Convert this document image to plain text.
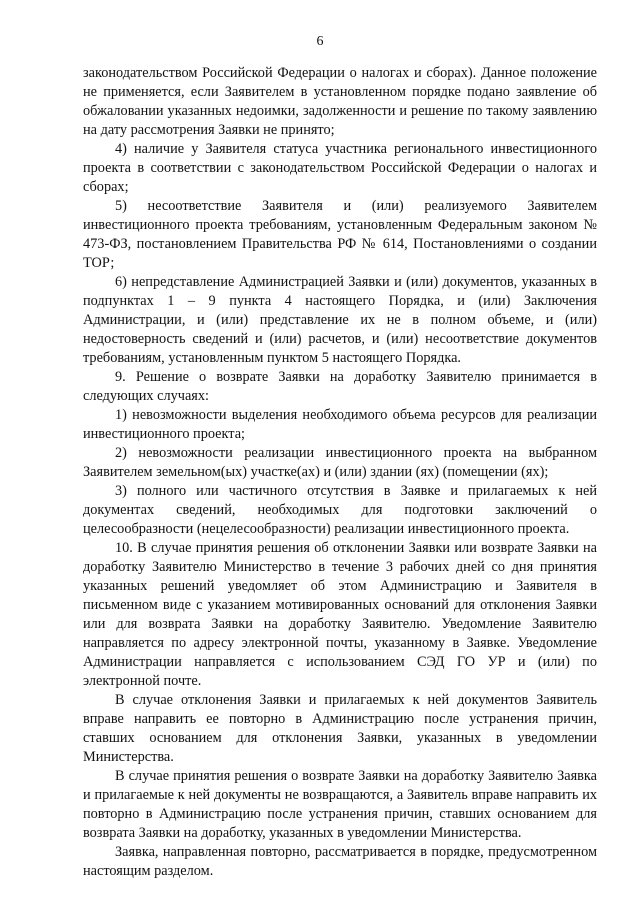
6

законодательством Российской Федерации о налогах и сборах). Данное положение не применяется, если Заявителем в установленном порядке подано заявление об обжаловании указанных недоимки, задолженности и решение по такому заявлению на дату рассмотрения Заявки не принято;

4) наличие у Заявителя статуса участника регионального инвестиционного проекта в соответствии с законодательством Российской Федерации о налогах и сборах;

5) несоответствие Заявителя и (или) реализуемого Заявителем инвестиционного проекта требованиям, установленным Федеральным законом № 473-ФЗ, постановлением Правительства РФ № 614, Постановлениями о создании ТОР;

6) непредставление Администрацией Заявки и (или) документов, указанных в подпунктах 1 – 9 пункта 4 настоящего Порядка, и (или) Заключения Администрации, и (или) представление их не в полном объеме, и (или) недостоверность сведений и (или) расчетов, и (или) несоответствие документов требованиям, установленным пунктом 5 настоящего Порядка.

9. Решение о возврате Заявки на доработку Заявителю принимается в следующих случаях:

1) невозможности выделения необходимого объема ресурсов для реализации инвестиционного проекта;

2) невозможности реализации инвестиционного проекта на выбранном Заявителем земельном(ых) участке(ах) и (или) здании (ях) (помещении (ях);

3) полного или частичного отсутствия в Заявке и прилагаемых к ней документах сведений, необходимых для подготовки заключений о целесообразности (нецелесообразности) реализации инвестиционного проекта.

10. В случае принятия решения об отклонении Заявки или возврате Заявки на доработку Заявителю Министерство в течение 3 рабочих дней со дня принятия указанных решений уведомляет об этом Администрацию и Заявителя в письменном виде с указанием мотивированных оснований для отклонения Заявки или для возврата Заявки на доработку Заявителю. Уведомление Заявителю направляется по адресу электронной почты, указанному в Заявке. Уведомление Администрации направляется с использованием СЭД ГО УР и (или) по электронной почте.

В случае отклонения Заявки и прилагаемых к ней документов Заявитель вправе направить ее повторно в Администрацию после устранения причин, ставших основанием для отклонения Заявки, указанных в уведомлении Министерства.

В случае принятия решения о возврате Заявки на доработку Заявителю Заявка и прилагаемые к ней документы не возвращаются, а Заявитель вправе направить их повторно в Администрацию после устранения причин, ставших основанием для возврата Заявки на доработку, указанных в уведомлении Министерства.

Заявка, направленная повторно, рассматривается в порядке, предусмотренном настоящим разделом.
